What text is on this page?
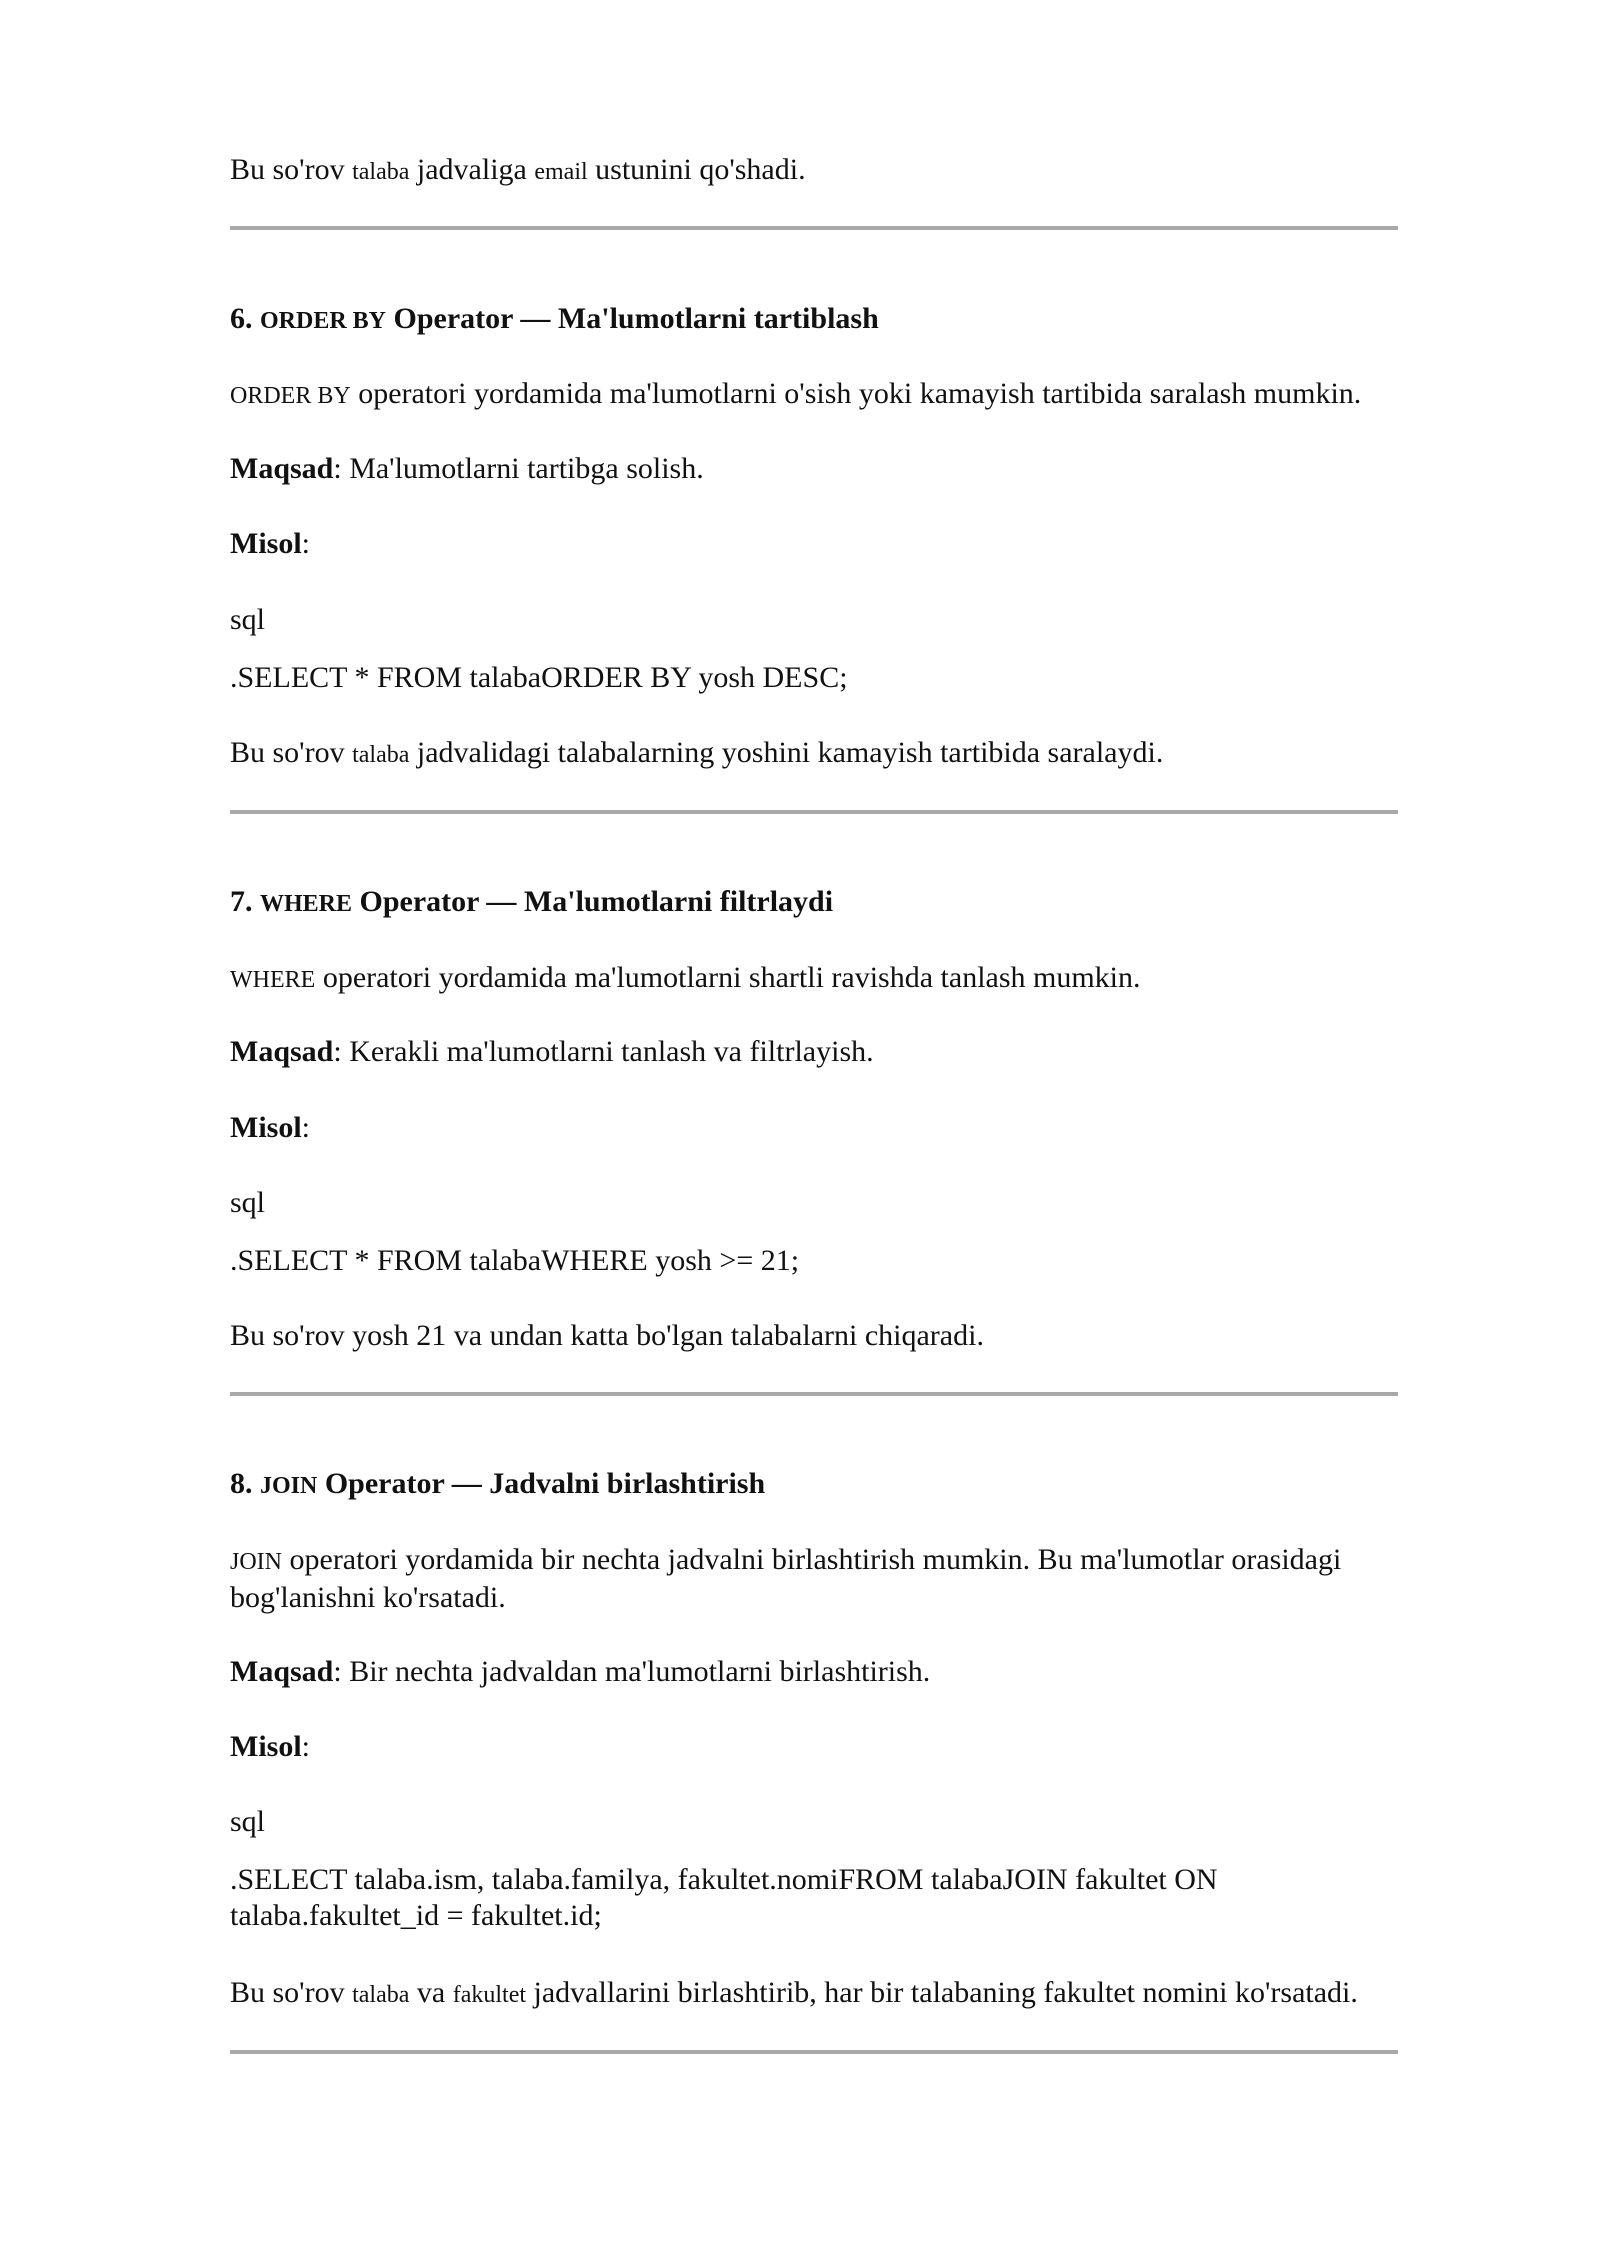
Bu so'rov talaba jadvaliga email ustunini qo'shadi.

6. ORDER BY Operator — Ma'lumotlarni tartiblash

ORDER BY operatori yordamida ma'lumotlarni o'sish yoki kamayish tartibida saralash mumkin.

Maqsad: Ma'lumotlarni tartibga solish.

Misol:

sql

.SELECT * FROM talabaORDER BY yosh DESC;

Bu so'rov talaba jadvalidagi talabalarning yoshini kamayish tartibida saralaydi.

7. WHERE Operator — Ma'lumotlarni filtrlaydi

WHERE operatori yordamida ma'lumotlarni shartli ravishda tanlash mumkin.

Maqsad: Kerakli ma'lumotlarni tanlash va filtrlayish.

Misol:

sql

.SELECT * FROM talabaWHERE yosh >= 21;

Bu so'rov yosh 21 va undan katta bo'lgan talabalarni chiqaradi.

8. JOIN Operator — Jadvalni birlashtirish

JOIN operatori yordamida bir nechta jadvalni birlashtirish mumkin. Bu ma'lumotlar orasidagi
bog'lanishni ko'rsatadi.

Maqsad: Bir nechta jadvaldan ma'lumotlarni birlashtirish.

Misol:

sql

.SELECT talaba.ism, talaba.familya, fakultet.nomiFROM talabaJOIN fakultet ON
talaba.fakultet_id = fakultet.id;

Bu so'rov talaba va fakultet jadvallarini birlashtirib, har bir talabaning fakultet nomini ko'rsatadi.
